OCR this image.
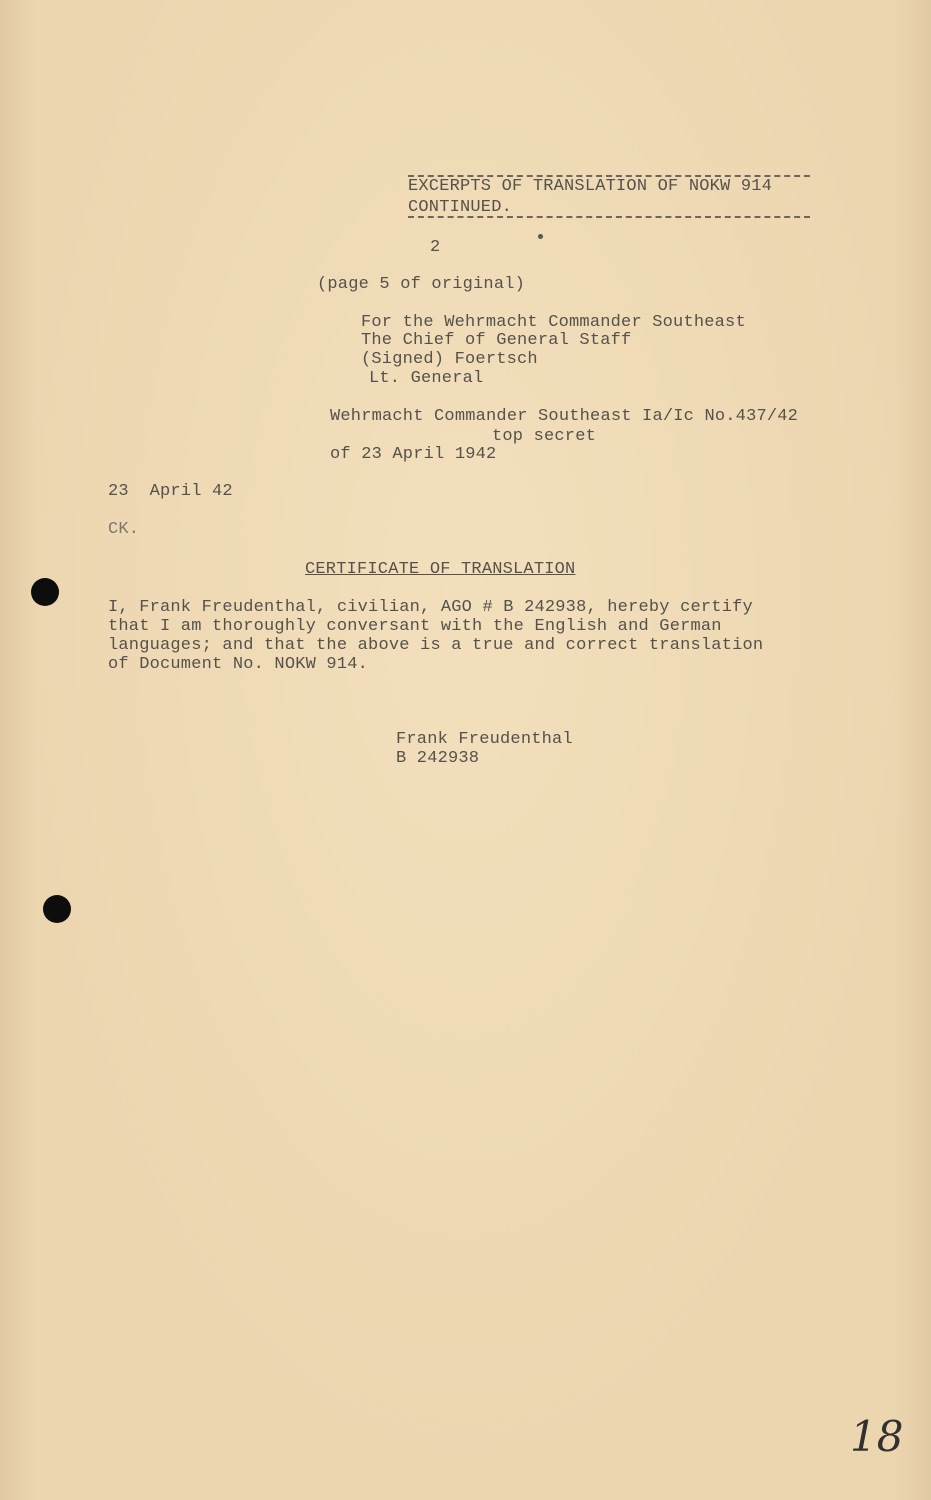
EXCERPTS OF TRANSLATION OF NOKW 914
CONTINUED.
2
(page 5 of original)
For the Wehrmacht Commander Southeast
The Chief of General Staff
(Signed) Foertsch
Lt. General
Wehrmacht Commander Southeast Ia/Ic No.437/42
top secret
of 23 April 1942
23  April 42
CK.
CERTIFICATE OF TRANSLATION
I, Frank Freudenthal, civilian, AGO # B 242938, hereby certify
that I am thoroughly conversant with the English and German
languages; and that the above is a true and correct translation
of Document No. NOKW 914.
Frank Freudenthal
B 242938
18
